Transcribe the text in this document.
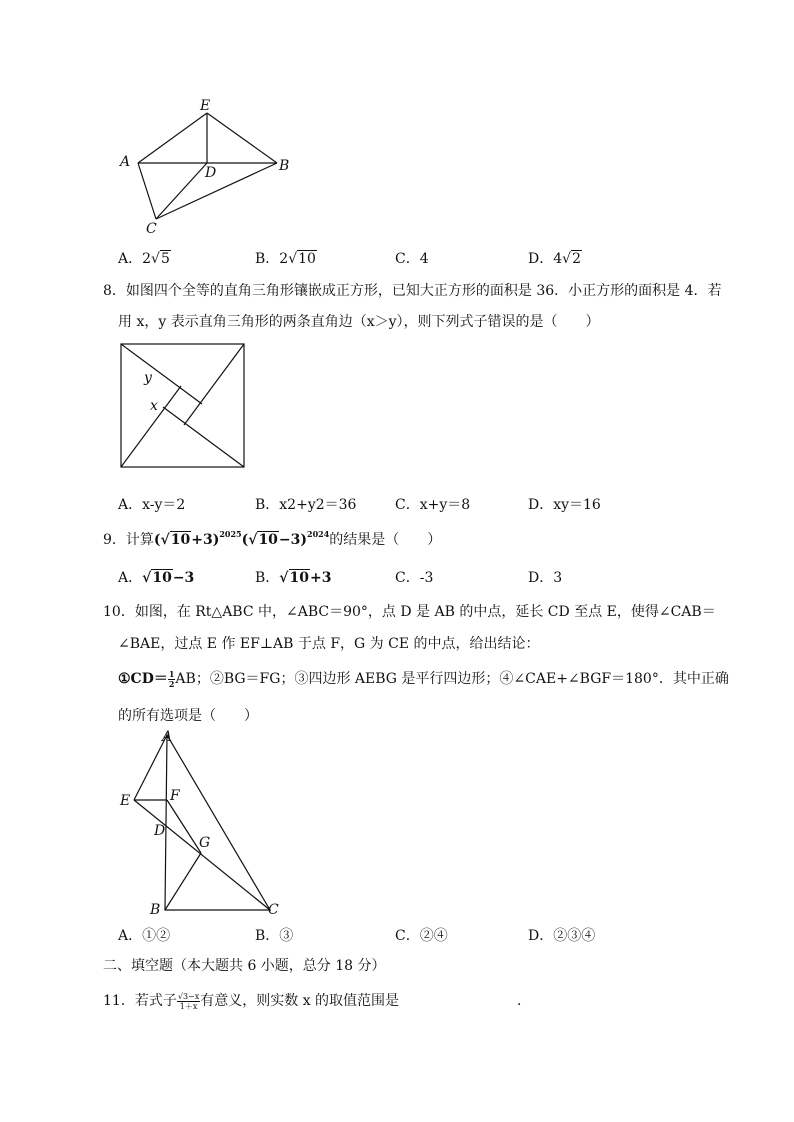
E
A
D	B
C
A．2√5	B．2√10	C．4	D．4√2
8．如图四个全等的直角三角形镶嵌成正方形，已知大正方形的面积是 36．小正方形的面积是 4．若
用 x，y 表示直角三角形的两条直角边（x＞y），则下列式子错误的是（　　）
y
x
A．x-y＝2	B．x2+y2＝36	C．x+y＝8	D．xy＝16
9．计算$(√10+3)^{2025}(√10-3)^{2024}$的结果是（　　）
A．√10−3	B．√10+3	C．-3	D．3
10．如图，在 Rt△ABC 中，∠ABC＝90°，点 D 是 AB 的中点，延长 CD 至点 E，使得∠CAB＝
∠BAE，过点 E 作 EF⊥AB 于点 F，G 为 CE 的中点，给出结论：
①CD＝ $\frac{1}{2}$ AB；②BG＝FG；③四边形 AEBG 是平行四边形；④∠CAE+∠BGF＝180°．其中正确
的所有选项是（　　）
A
E	F
D
G
B	C
A．①②	B．③	C．②④	D．②③④
二、填空题（本大题共 6 小题，总分 18 分）
11．若式子 $\frac{√3-x}{1+x}$ 有意义，则实数 x 的取值范围是	．
